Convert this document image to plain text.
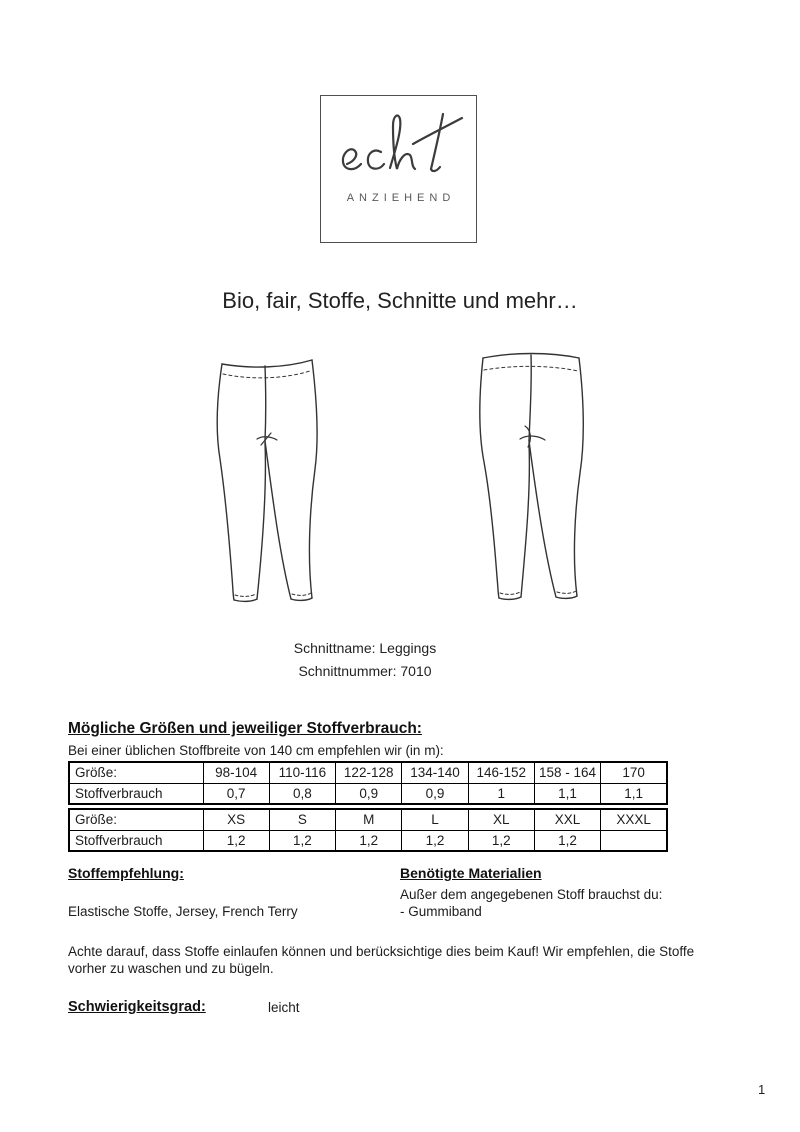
ANZIEHEND
Bio, fair, Stoffe, Schnitte und mehr…
Schnittname: Leggings
Schnittnummer: 7010
Mögliche Größen und jeweiliger Stoffverbrauch:
Bei einer üblichen Stoffbreite von 140 cm empfehlen wir (in m):
Größe:	98-104	110-116	122-128	134-140	146-152	158 - 164	170
Stoffverbrauch	0,7	0,8	0,9	0,9	1	1,1	1,1
Größe:	XS	S	M	L	XL	XXL	XXXL
Stoffverbrauch	1,2	1,2	1,2	1,2	1,2	1,2	
Stoffempfehlung:	Benötigte Materialien
Außer dem angegebenen Stoff brauchst du:
- Gummiband
Elastische Stoffe, Jersey, French Terry
Achte darauf, dass Stoffe einlaufen können und berücksichtige dies beim Kauf! Wir empfehlen, die Stoffe vorher zu waschen und zu bügeln.
Schwierigkeitsgrad:	leicht
1
